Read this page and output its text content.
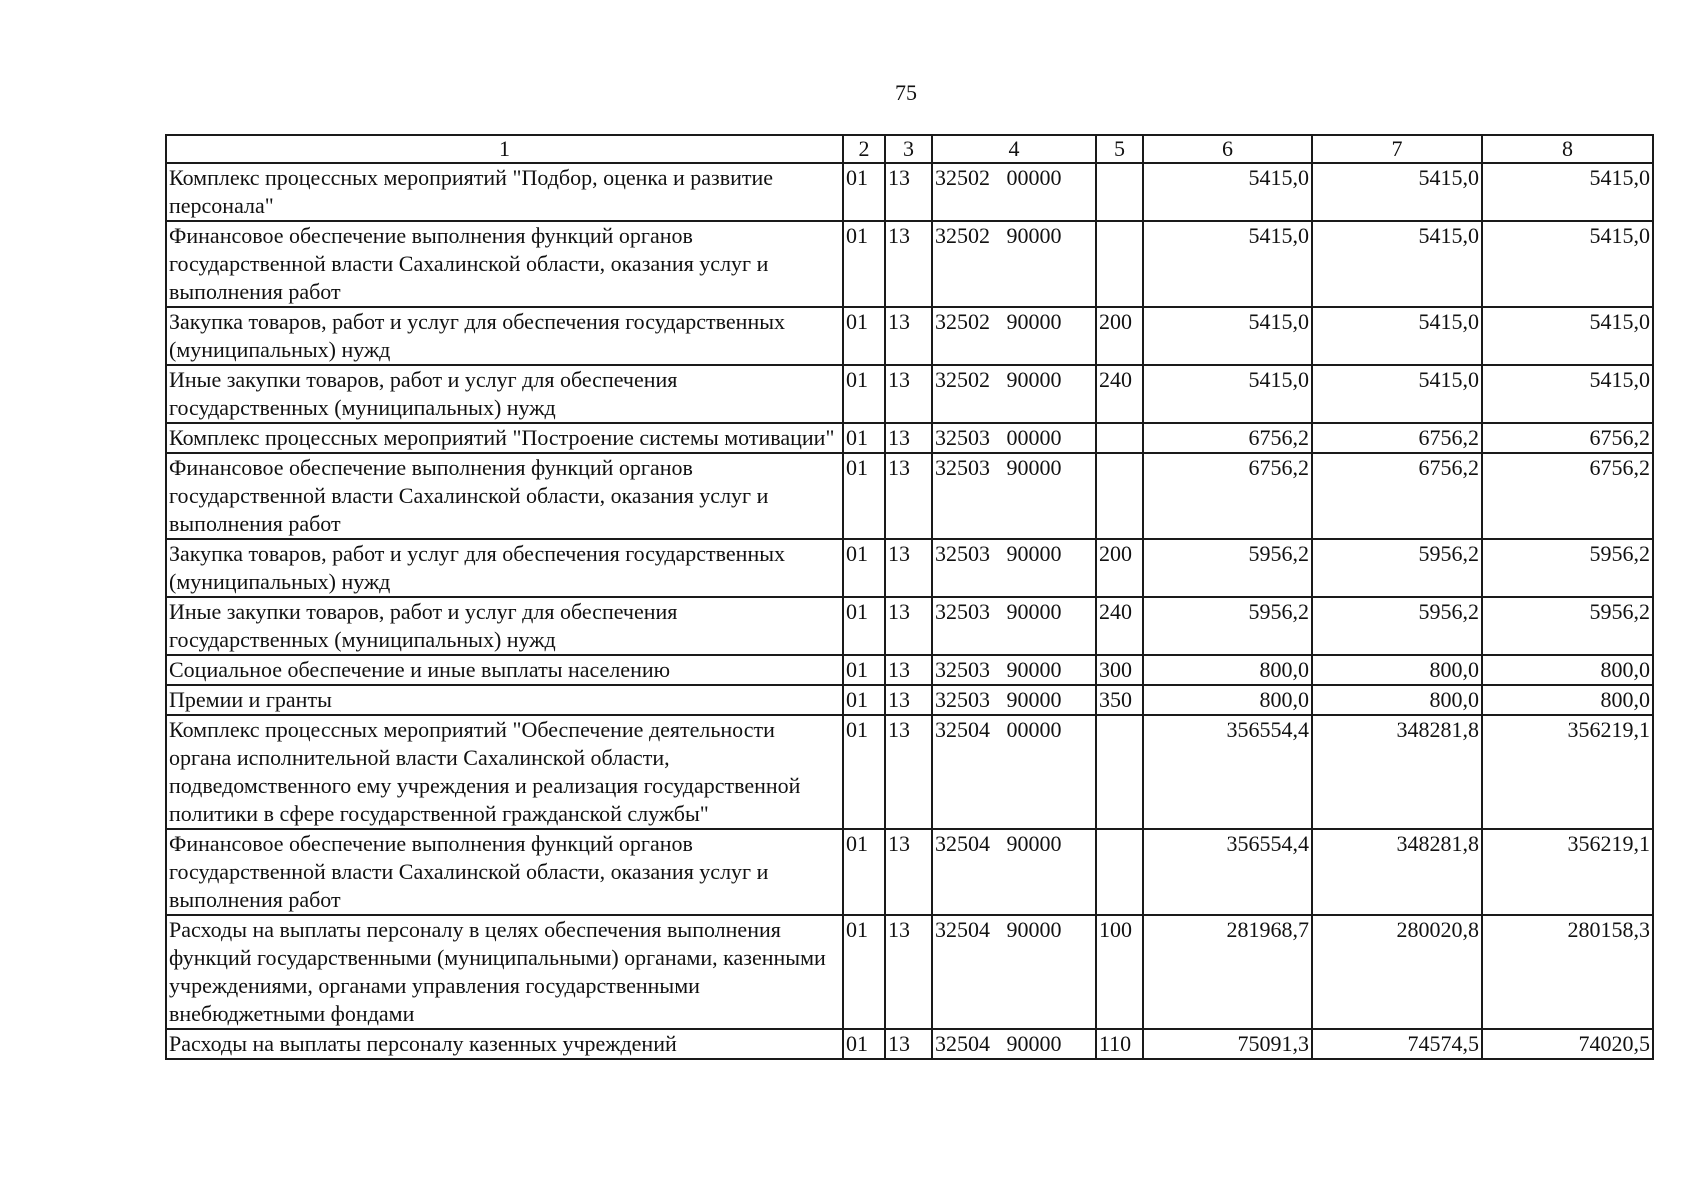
75
1	2	3	4	5	6	7	8
Комплекс процессных мероприятий "Подбор, оценка и развитие персонала"	01	13	32502   00000		5415,0	5415,0	5415,0
Финансовое обеспечение выполнения функций органов государственной власти Сахалинской области, оказания услуг и выполнения работ	01	13	32502   90000		5415,0	5415,0	5415,0
Закупка товаров, работ и услуг для обеспечения государственных (муниципальных) нужд	01	13	32502   90000	200	5415,0	5415,0	5415,0
Иные закупки товаров, работ и услуг для обеспечения государственных (муниципальных) нужд	01	13	32502   90000	240	5415,0	5415,0	5415,0
Комплекс процессных мероприятий "Построение системы мотивации"	01	13	32503   00000		6756,2	6756,2	6756,2
Финансовое обеспечение выполнения функций органов государственной власти Сахалинской области, оказания услуг и выполнения работ	01	13	32503   90000		6756,2	6756,2	6756,2
Закупка товаров, работ и услуг для обеспечения государственных (муниципальных) нужд	01	13	32503   90000	200	5956,2	5956,2	5956,2
Иные закупки товаров, работ и услуг для обеспечения государственных (муниципальных) нужд	01	13	32503   90000	240	5956,2	5956,2	5956,2
Социальное обеспечение и иные выплаты населению	01	13	32503   90000	300	800,0	800,0	800,0
Премии и гранты	01	13	32503   90000	350	800,0	800,0	800,0
Комплекс процессных мероприятий "Обеспечение деятельности органа исполнительной власти Сахалинской области, подведомственного ему учреждения и реализация государственной политики в сфере государственной гражданской службы"	01	13	32504   00000		356554,4	348281,8	356219,1
Финансовое обеспечение выполнения функций органов государственной власти Сахалинской области, оказания услуг и выполнения работ	01	13	32504   90000		356554,4	348281,8	356219,1
Расходы на выплаты персоналу в целях обеспечения выполнения функций государственными (муниципальными) органами, казенными учреждениями, органами управления государственными внебюджетными фондами	01	13	32504   90000	100	281968,7	280020,8	280158,3
Расходы на выплаты персоналу казенных учреждений	01	13	32504   90000	110	75091,3	74574,5	74020,5
